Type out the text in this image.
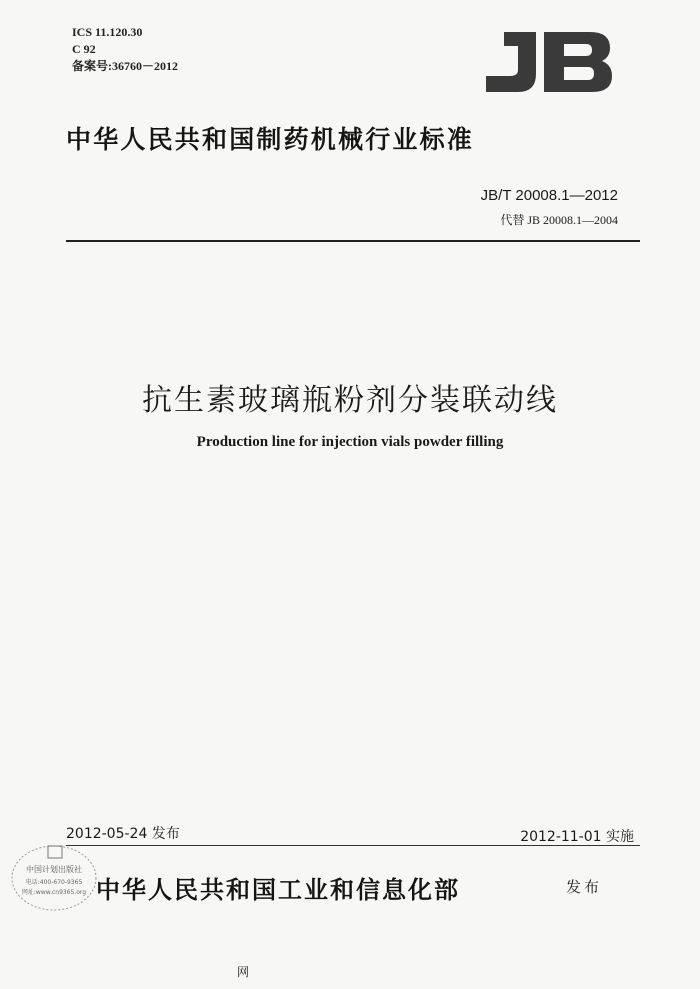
ICS 11.120.30
C 92
备案号:36760－2012
中华人民共和国制药机械行业标准
JB/T 20008.1—2012
代替 JB 20008.1—2004
抗生素玻璃瓶粉剂分装联动线
Production line for injection vials powder filling
2012-05-24 发布	2012-11-01 实施
中国计划出版社
电话:400-670-9365
网址:www.cn9365.org 中华人民共和国工业和信息化部	发布
网
